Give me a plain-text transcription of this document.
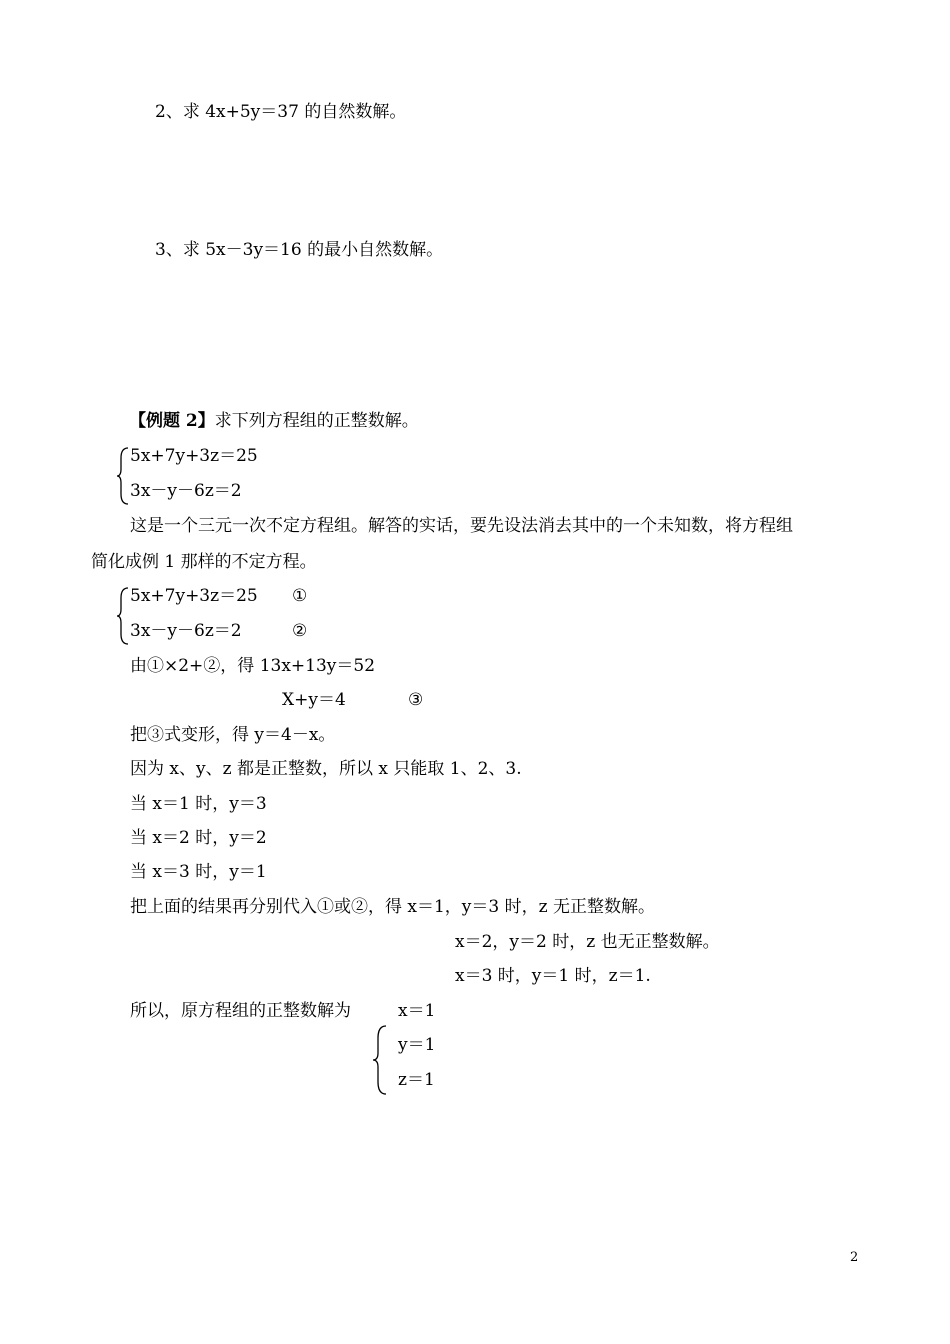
2、求 4x+5y＝37 的自然数解。
3、求 5x－3y＝16 的最小自然数解。
【例题 2】求下列方程组的正整数解。
5x+7y+3z＝25
3x－y－6z＝2
这是一个三元一次不定方程组。解答的实话，要先设法消去其中的一个未知数，将方程组
简化成例 1 那样的不定方程。
5x+7y+3z＝25 ①
3x－y－6z＝2	②
由①×2+②，得 13x+13y＝52
X+y＝4	③
把③式变形，得 y＝4－x。
因为 x、y、z 都是正整数，所以 x 只能取 1、2、3.
当 x＝1 时，y＝3
当 x＝2 时，y＝2
当 x＝3 时，y＝1
把上面的结果再分别代入①或②，得 x＝1，y＝3 时，z 无正整数解。
x＝2，y＝2 时，z 也无正整数解。
x＝3 时，y＝1 时，z＝1.
所以，原方程组的正整数解为	x＝1
y＝1
z＝1
2
